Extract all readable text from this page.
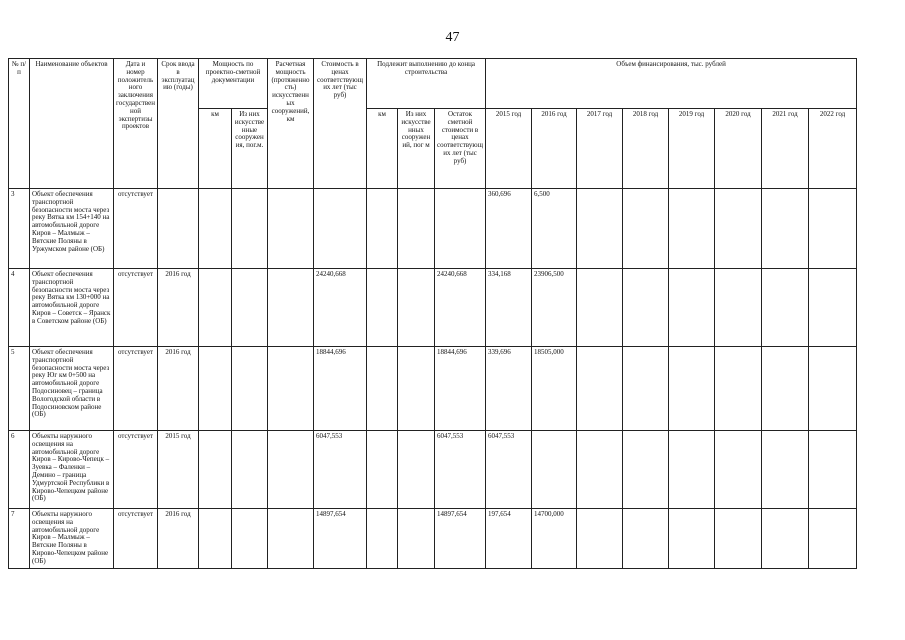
47
№ п/п	Наименование объектов	Дата и номер положительного заключения государственной экспертизы проектов	Срок ввода в эксплуатацию (годы)	Мощность по проектно-сметной документации		Расчетная мощность (протяженность) искусственных сооружений, км	Стоимость в ценах соответствующих лет (тыс руб)	Подлежит выполнению до конца строительства			Объем финансирования, тыс. рублей							
				км	Из них искусственные сооружения, пог.м.			км	Из них искусственных сооружений, пог м	Остаток сметной стоимости в ценах соответствующих лет (тыс руб)	2015 год	2016 год	2017 год	2018 год	2019 год	2020 год	2021 год	2022 год
3	Объект обеспечения транспортной безопасности моста через реку Вятка км 154+140 на автомобильной дороге Киров – Малмыж – Вятские Поляны в Уржумском районе (ОБ)	отсутствует									360,696	6,500						
4	Объект обеспечения транспортной безопасности моста через реку Вятка км 130+000 на автомобильной дороге Киров – Советск – Яранск в Советском районе (ОБ)	отсутствует	2016 год				24240,668			24240,668	334,168	23906,500						
5	Объект обеспечения транспортной безопасности моста через реку Юг км 0+500 на автомобильной дороге Подосиновец – граница Вологодской области в Подосиновском районе (ОБ)	отсутствует	2016 год				18844,696			18844,696	339,696	18505,000						
6	Объекты наружного освещения на автомобильной дороге Киров – Кирово-Чепецк – Зуевка – Фаленки – Демино – граница Удмуртской Республики в Кирово-Чепецком районе (ОБ)	отсутствует	2015 год				6047,553			6047,553	6047,553							
7	Объекты наружного освещения на автомобильной дороге Киров – Малмыж – Вятские Поляны в Кирово-Чепецком районе (ОБ)	отсутствует	2016 год				14897,654			14897,654	197,654	14700,000						
